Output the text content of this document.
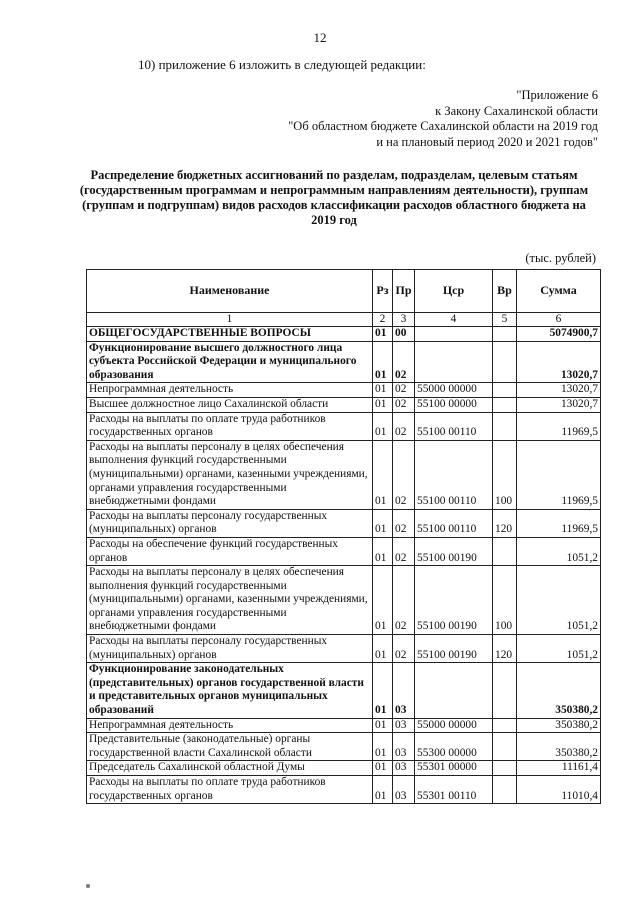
12
10) приложение 6 изложить в следующей редакции:
"Приложение 6
к Закону Сахалинской области
"Об областном бюджете Сахалинской области на 2019 год
и на плановый период 2020 и 2021 годов"
Распределение бюджетных ассигнований по разделам, подразделам, целевым статьям (государственным программам и непрограммным направлениям деятельности), группам (группам и подгруппам) видов расходов классификации расходов областного бюджета на 2019 год
(тыс. рублей)
Наименование	Рз	Пр	Цср	Вр	Сумма
1	2	3	4	5	6
ОБЩЕГОСУДАРСТВЕННЫЕ ВОПРОСЫ	01	00			5074900,7
Функционирование высшего должностного лица субъекта Российской Федерации и муниципального образования	01	02			13020,7
Непрограммная деятельность	01	02	55000 00000		13020,7
Высшее должностное лицо Сахалинской области	01	02	55100 00000		13020,7
Расходы на выплаты по оплате труда работников государственных органов	01	02	55100 00110		11969,5
Расходы на выплаты персоналу в целях обеспечения выполнения функций государственными (муниципальными) органами, казенными учреждениями, органами управления государственными внебюджетными фондами	01	02	55100 00110	100	11969,5
Расходы на выплаты персоналу государственных (муниципальных) органов	01	02	55100 00110	120	11969,5
Расходы на обеспечение функций государственных органов	01	02	55100 00190		1051,2
Расходы на выплаты персоналу в целях обеспечения выполнения функций государственными (муниципальными) органами, казенными учреждениями, органами управления государственными внебюджетными фондами	01	02	55100 00190	100	1051,2
Расходы на выплаты персоналу государственных (муниципальных) органов	01	02	55100 00190	120	1051,2
Функционирование законодательных (представительных) органов государственной власти и представительных органов муниципальных образований	01	03			350380,2
Непрограммная деятельность	01	03	55000 00000		350380,2
Представительные (законодательные) органы государственной власти Сахалинской области	01	03	55300 00000		350380,2
Председатель Сахалинской областной Думы	01	03	55301 00000		11161,4
Расходы на выплаты по оплате труда работников государственных органов	01	03	55301 00110		11010,4
